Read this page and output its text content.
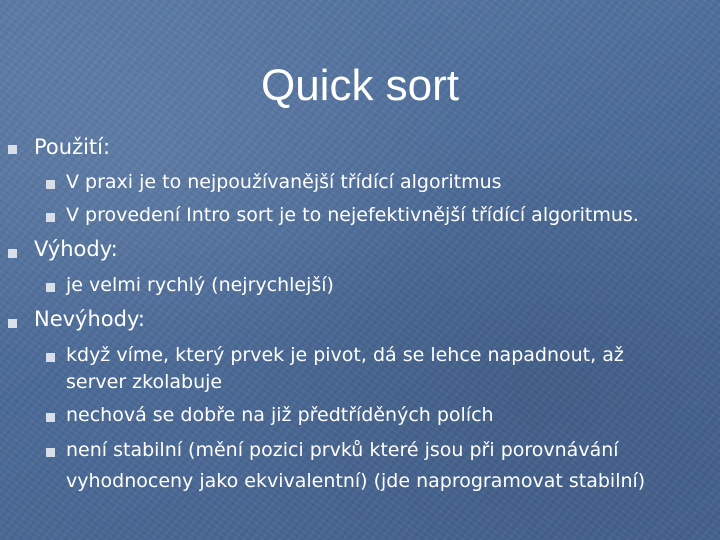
Quick sort
Použití:
V praxi je to nejpoužívanější třídící algoritmus
V provedení Intro sort je to nejefektivnější třídící algoritmus.
Výhody:
je velmi rychlý (nejrychlejší)
Nevýhody:
když víme, který prvek je pivot, dá se lehce napadnout, až
server zkolabuje
nechová se dobře na již předtříděných polích
není stabilní (mění pozici prvků které jsou při porovnávání
vyhodnoceny jako ekvivalentní) (jde naprogramovat stabilní)
